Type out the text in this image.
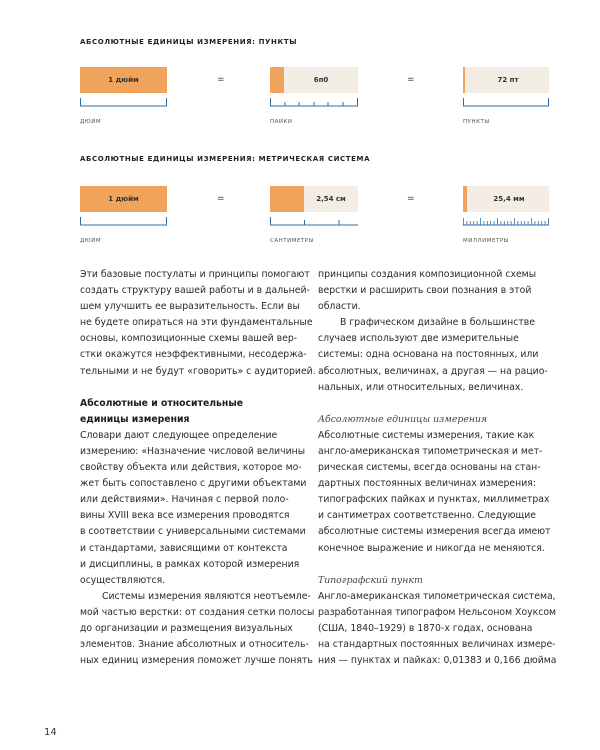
АБСОЛЮТНЫЕ ЕДИНИЦЫ ИЗМЕРЕНИЯ: ПУНКТЫ
1 дюйм
ДЮЙМ
=	6п0
ПАЙКИ
=	72 пт
ПУНКТЫ
АБСОЛЮТНЫЕ ЕДИНИЦЫ ИЗМЕРЕНИЯ: МЕТРИЧЕСКАЯ СИСТЕМА
1 дюйм
ДЮЙМ
=	2,54 см
САНТИМЕТРЫ
=	25,4 мм
МИЛЛИМЕТРЫ

Эти базовые постулаты и принципы помогают

создать структуру вашей работы и в дальней-

шем улучшить ее выразительность. Если вы

не будете опираться на эти фундаментальные

основы, композиционные схемы вашей вер-

стки окажутся неэффективными, несодержа-

тельными и не будут «говорить» с аудиторией.

Абсолютные и относительные

единицы измерения

Словари дают следующее определение

измерению: «Назначение числовой величины

свойству объекта или действия, которое мо-

жет быть сопоставлено с другими объектами

или действиями». Начиная с первой поло-

вины XVIII века все измерения проводятся

в соответствии с универсальными системами

и стандартами, зависящими от контекста

и дисциплины, в рамках которой измерения

осуществляются.

Системы измерения являются неотъемле-

мой частью верстки: от создания сетки полосы

до организации и размещения визуальных

элементов. Знание абсолютных и относитель-

ных единиц измерения поможет лучше понять

принципы создания композиционной схемы

верстки и расширить свои познания в этой

области.

В графическом дизайне в большинстве

случаев используют две измерительные

системы: одна основана на постоянных, или

абсолютных, величинах, а другая — на рацио-

нальных, или относительных, величинах.

Абсолютные единицы измерения

Абсолютные системы измерения, такие как

англо-американская типометрическая и мет-

рическая системы, всегда основаны на стан-

дартных постоянных величинах измерения:

типографских пайках и пунктах, миллиметрах

и сантиметрах соответственно. Следующие

абсолютные системы измерения всегда имеют

конечное выражение и никогда не меняются.

Типографский пункт

Англо-американская типометрическая система,

разработанная типографом Нельсоном Хоуксом

(США, 1840–1929) в 1870-х годах, основана

на стандартных постоянных величинах измере-

ния — пунктах и пайках: 0,01383 и 0,166 дюйма

14
